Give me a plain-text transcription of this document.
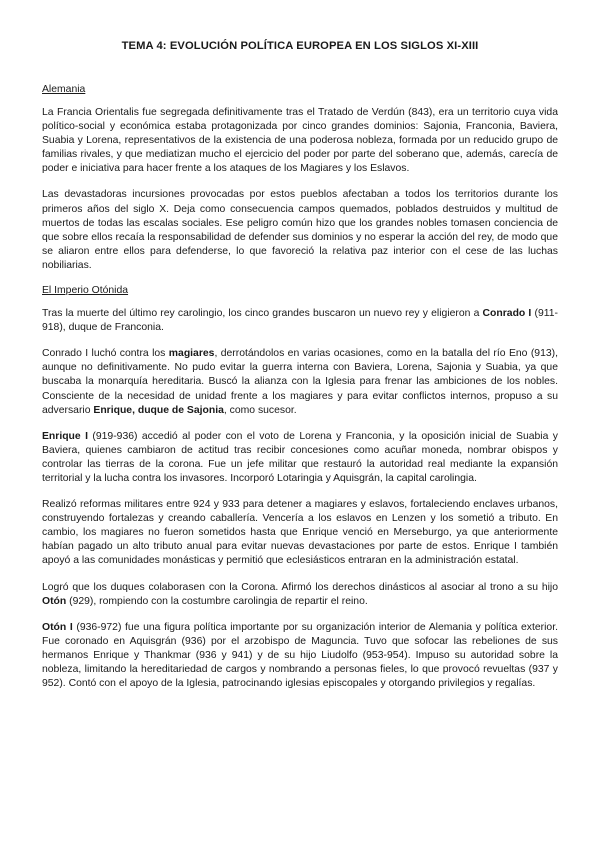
TEMA 4: EVOLUCIÓN POLÍTICA EUROPEA EN LOS SIGLOS XI-XIII
Alemania

La Francia Orientalis fue segregada definitivamente tras el Tratado de Verdún (843), era un territorio cuya vida político-social y económica estaba protagonizada por cinco grandes dominios: Sajonia, Franconia, Baviera, Suabia y Lorena, representativos de la existencia de una poderosa nobleza, formada por un reducido grupo de familias rivales, y que mediatizan mucho el ejercicio del poder por parte del soberano que, además, carecía de poder e iniciativa para hacer frente a los ataques de los Magiares y los Eslavos.

Las devastadoras incursiones provocadas por estos pueblos afectaban a todos los territorios durante los primeros años del siglo X. Deja como consecuencia campos quemados, poblados destruidos y multitud de muertos de todas las escalas sociales. Ese peligro común hizo que los grandes nobles tomasen conciencia de que sobre ellos recaía la responsabilidad de defender sus dominios y no esperar la acción del rey, de modo que se aliaron entre ellos para defenderse, lo que favoreció la relativa paz interior con el cese de las luchas nobiliarias.

El Imperio Otónida

Tras la muerte del último rey carolingio, los cinco grandes buscaron un nuevo rey y eligieron a Conrado I (911-918), duque de Franconia.

Conrado I luchó contra los magiares, derrotándolos en varias ocasiones, como en la batalla del río Eno (913), aunque no definitivamente. No pudo evitar la guerra interna con Baviera, Lorena, Sajonia y Suabia, ya que buscaba la monarquía hereditaria. Buscó la alianza con la Iglesia para frenar las ambiciones de los nobles. Consciente de la necesidad de unidad frente a los magiares y para evitar conflictos internos, propuso a su adversario Enrique, duque de Sajonia, como sucesor.

Enrique I (919-936) accedió al poder con el voto de Lorena y Franconia, y la oposición inicial de Suabia y Baviera, quienes cambiaron de actitud tras recibir concesiones como acuñar moneda, nombrar obispos y controlar las tierras de la corona. Fue un jefe militar que restauró la autoridad real mediante la expansión territorial y la lucha contra los invasores. Incorporó Lotaringia y Aquisgrán, la capital carolingia.

Realizó reformas militares entre 924 y 933 para detener a magiares y eslavos, fortaleciendo enclaves urbanos, construyendo fortalezas y creando caballería. Vencería a los eslavos en Lenzen y los sometió a tributo. En cambio, los magiares no fueron sometidos hasta que Enrique venció en Merseburgo, ya que anteriormente habían pagado un alto tributo anual para evitar nuevas devastaciones por parte de estos. Enrique I también apoyó a las comunidades monásticas y permitió que eclesiásticos entraran en la administración estatal.

Logró que los duques colaborasen con la Corona. Afirmó los derechos dinásticos al asociar al trono a su hijo Otón (929), rompiendo con la costumbre carolingia de repartir el reino.

Otón I (936-972) fue una figura política importante por su organización interior de Alemania y política exterior. Fue coronado en Aquisgrán (936) por el arzobispo de Maguncia. Tuvo que sofocar las rebeliones de sus hermanos Enrique y Thankmar (936 y 941) y de su hijo Liudolfo (953-954). Impuso su autoridad sobre la nobleza, limitando la hereditariedad de cargos y nombrando a personas fieles, lo que provocó revueltas (937 y 952). Contó con el apoyo de la Iglesia, patrocinando iglesias episcopales y otorgando privilegios y regalías.
